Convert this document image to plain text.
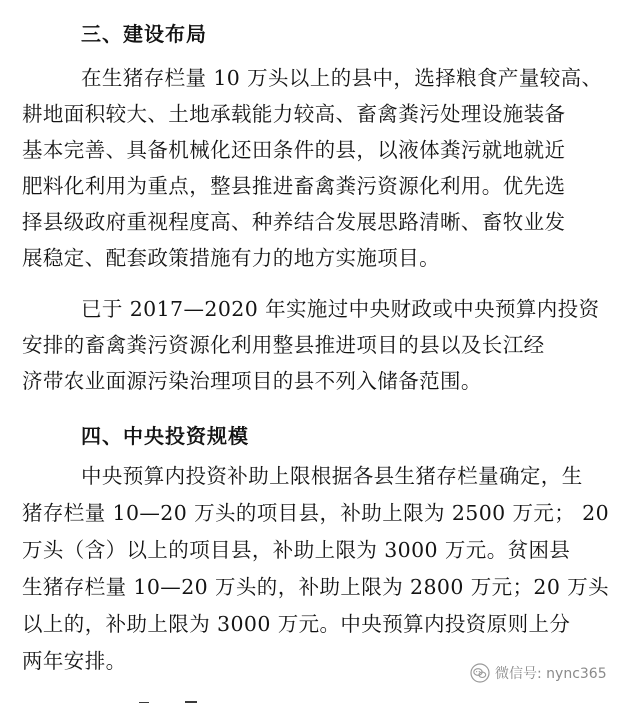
三、建设布局
在生猪存栏量 10 万头以上的县中，选择粮食产量较高、
耕地面积较大、土地承载能力较高、畜禽粪污处理设施装备
基本完善、具备机械化还田条件的县，以液体粪污就地就近
肥料化利用为重点，整县推进畜禽粪污资源化利用。优先选
择县级政府重视程度高、种养结合发展思路清晰、畜牧业发
展稳定、配套政策措施有力的地方实施项目。
已于 2017—2020 年实施过中央财政或中央预算内投资
安排的畜禽粪污资源化利用整县推进项目的县以及长江经
济带农业面源污染治理项目的县不列入储备范围。
四、中央投资规模
中央预算内投资补助上限根据各县生猪存栏量确定，生
猪存栏量 10—20 万头的项目县，补助上限为 2500 万元； 20
万头（含）以上的项目县，补助上限为 3000 万元。贫困县
生猪存栏量 10—20 万头的，补助上限为 2800 万元；20 万头
以上的，补助上限为 3000 万元。中央预算内投资原则上分
两年安排。
微信号: nync365
